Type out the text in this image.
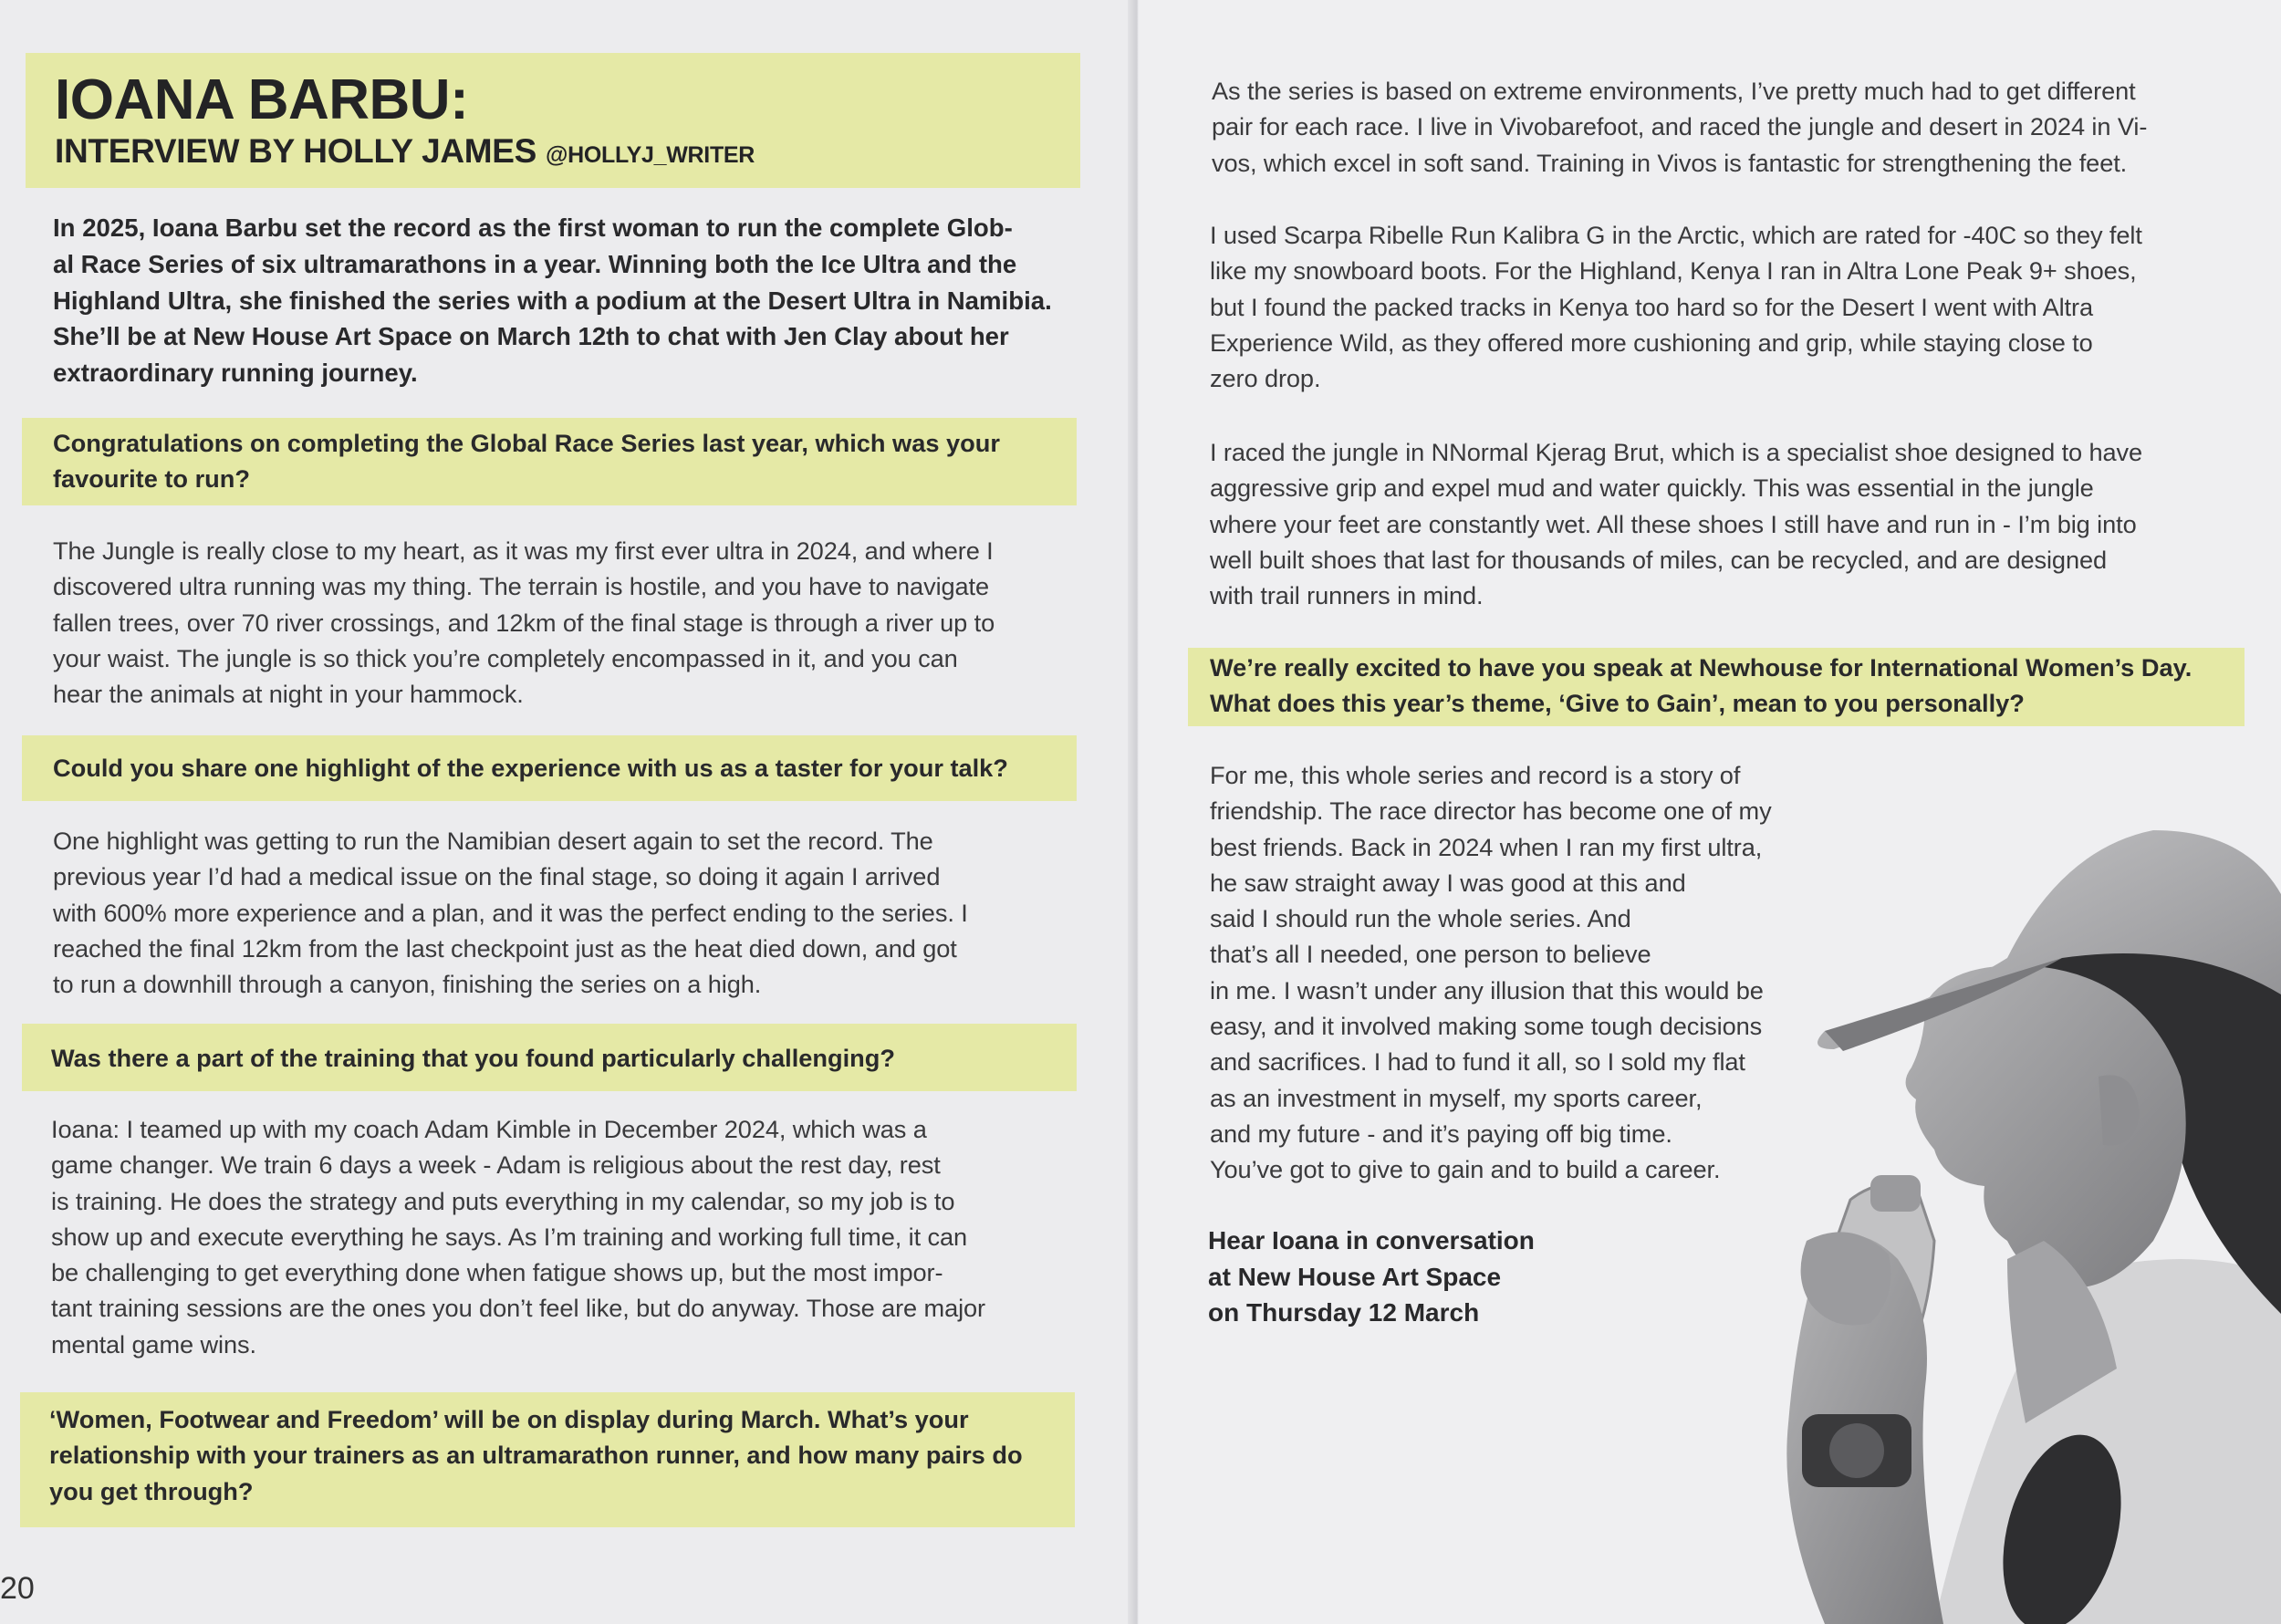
IOANA BARBU:
INTERVIEW BY HOLLY JAMES @HOLLYJ_WRITER

In 2025, Ioana Barbu set the record as the first woman to run the complete Glob-

al Race Series of six ultramarathons in a year. Winning both the Ice Ultra and the

Highland Ultra, she finished the series with a podium at the Desert Ultra in Namibia.

She’ll be at New House Art Space on March 12th to chat with Jen Clay about her

extraordinary running journey.

Congratulations on completing the Global Race Series last year, which was your

favourite to run?

The Jungle is really close to my heart, as it was my first ever ultra in 2024, and where I

discovered ultra running was my thing. The terrain is hostile, and you have to navigate

fallen trees, over 70 river crossings, and 12km of the final stage is through a river up to

your waist. The jungle is so thick you’re completely encompassed in it, and you can

hear the animals at night in your hammock.

Could you share one highlight of the experience with us as a taster for your talk?

One highlight was getting to run the Namibian desert again to set the record. The

previous year I’d had a medical issue on the final stage, so doing it again I arrived

with 600% more experience and a plan, and it was the perfect ending to the series. I

reached the final 12km from the last checkpoint just as the heat died down, and got

to run a downhill through a canyon, finishing the series on a high.

Was there a part of the training that you found particularly challenging?

Ioana: I teamed up with my coach Adam Kimble in December 2024, which was a

game changer. We train 6 days a week - Adam is religious about the rest day, rest

is training. He does the strategy and puts everything in my calendar, so my job is to

show up and execute everything he says. As I’m training and working full time, it can

be challenging to get everything done when fatigue shows up, but the most impor-

tant training sessions are the ones you don’t feel like, but do anyway. Those are major

mental game wins.

‘Women, Footwear and Freedom’ will be on display during March. What’s your

relationship with your trainers as an ultramarathon runner, and how many pairs do

you get through?

20

As the series is based on extreme environments, I’ve pretty much had to get different

pair for each race. I live in Vivobarefoot, and raced the jungle and desert in 2024 in Vi-

vos, which excel in soft sand. Training in Vivos is fantastic for strengthening the feet.

I used Scarpa Ribelle Run Kalibra G in the Arctic, which are rated for -40C so they felt

like my snowboard boots. For the Highland, Kenya I ran in Altra Lone Peak 9+ shoes,

but I found the packed tracks in Kenya too hard so for the Desert I went with Altra

Experience Wild, as they offered more cushioning and grip, while staying close to

zero drop.

I raced the jungle in NNormal Kjerag Brut, which is a specialist shoe designed to have

aggressive grip and expel mud and water quickly. This was essential in the jungle

where your feet are constantly wet. All these shoes I still have and run in - I’m big into

well built shoes that last for thousands of miles, can be recycled, and are designed

with trail runners in mind.

We’re really excited to have you speak at Newhouse for International Women’s Day.

What does this year’s theme, ‘Give to Gain’, mean to you personally?

For me, this whole series and record is a story of

friendship. The race director has become one of my

best friends. Back in 2024 when I ran my first ultra,

he saw straight away I was good at this and

said I should run the whole series. And

that’s all I needed, one person to believe

in me. I wasn’t under any illusion that this would be

easy, and it involved making some tough decisions

and sacrifices. I had to fund it all, so I sold my flat

as an investment in myself, my sports career,

and my future - and it’s paying off big time.

You’ve got to give to gain and to build a career.

Hear Ioana in conversation
at New House Art Space
on Thursday 12 March
